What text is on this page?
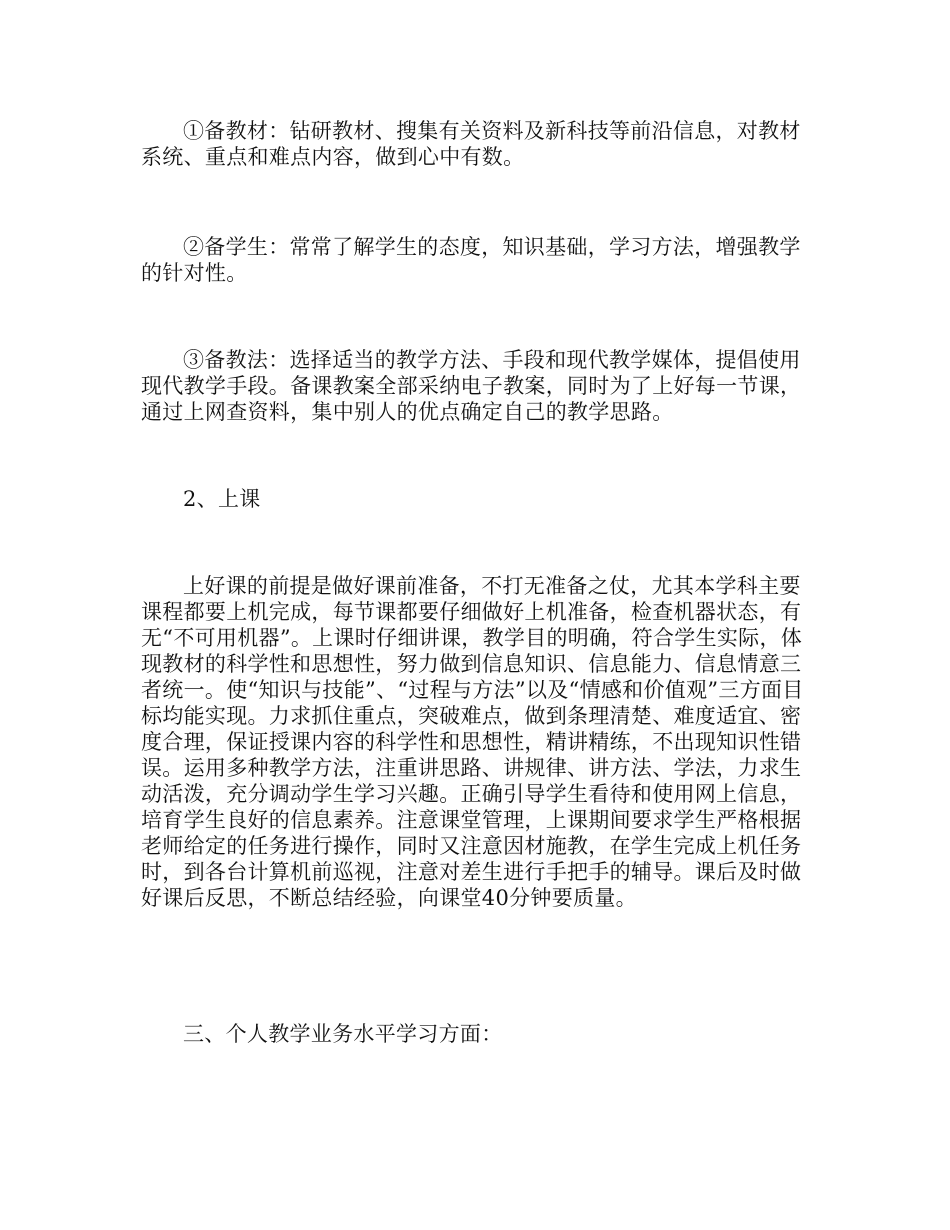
①备教材：钻研教材、搜集有关资料及新科技等前沿信息，对教材系统、重点和难点内容，做到心中有数。

②备学生：常常了解学生的态度，知识基础，学习方法，增强教学的针对性。

③备教法：选择适当的教学方法、手段和现代教学媒体，提倡使用现代教学手段。备课教案全部采纳电子教案，同时为了上好每一节课，通过上网查资料，集中别人的优点确定自己的教学思路。

2、上课

上好课的前提是做好课前准备，不打无准备之仗，尤其本学科主要课程都要上机完成，每节课都要仔细做好上机准备，检查机器状态，有无“不可用机器”。上课时仔细讲课，教学目的明确，符合学生实际，体现教材的科学性和思想性，努力做到信息知识、信息能力、信息情意三者统一。使“知识与技能”、“过程与方法”以及“情感和价值观”三方面目标均能实现。力求抓住重点，突破难点，做到条理清楚、难度适宜、密度合理，保证授课内容的科学性和思想性，精讲精练，不出现知识性错误。运用多种教学方法，注重讲思路、讲规律、讲方法、学法，力求生动活泼，充分调动学生学习兴趣。正确引导学生看待和使用网上信息，培育学生良好的信息素养。注意课堂管理，上课期间要求学生严格根据老师给定的任务进行操作，同时又注意因材施教，在学生完成上机任务时，到各台计算机前巡视，注意对差生进行手把手的辅导。课后及时做好课后反思，不断总结经验，向课堂40分钟要质量。

三、个人教学业务水平学习方面：
